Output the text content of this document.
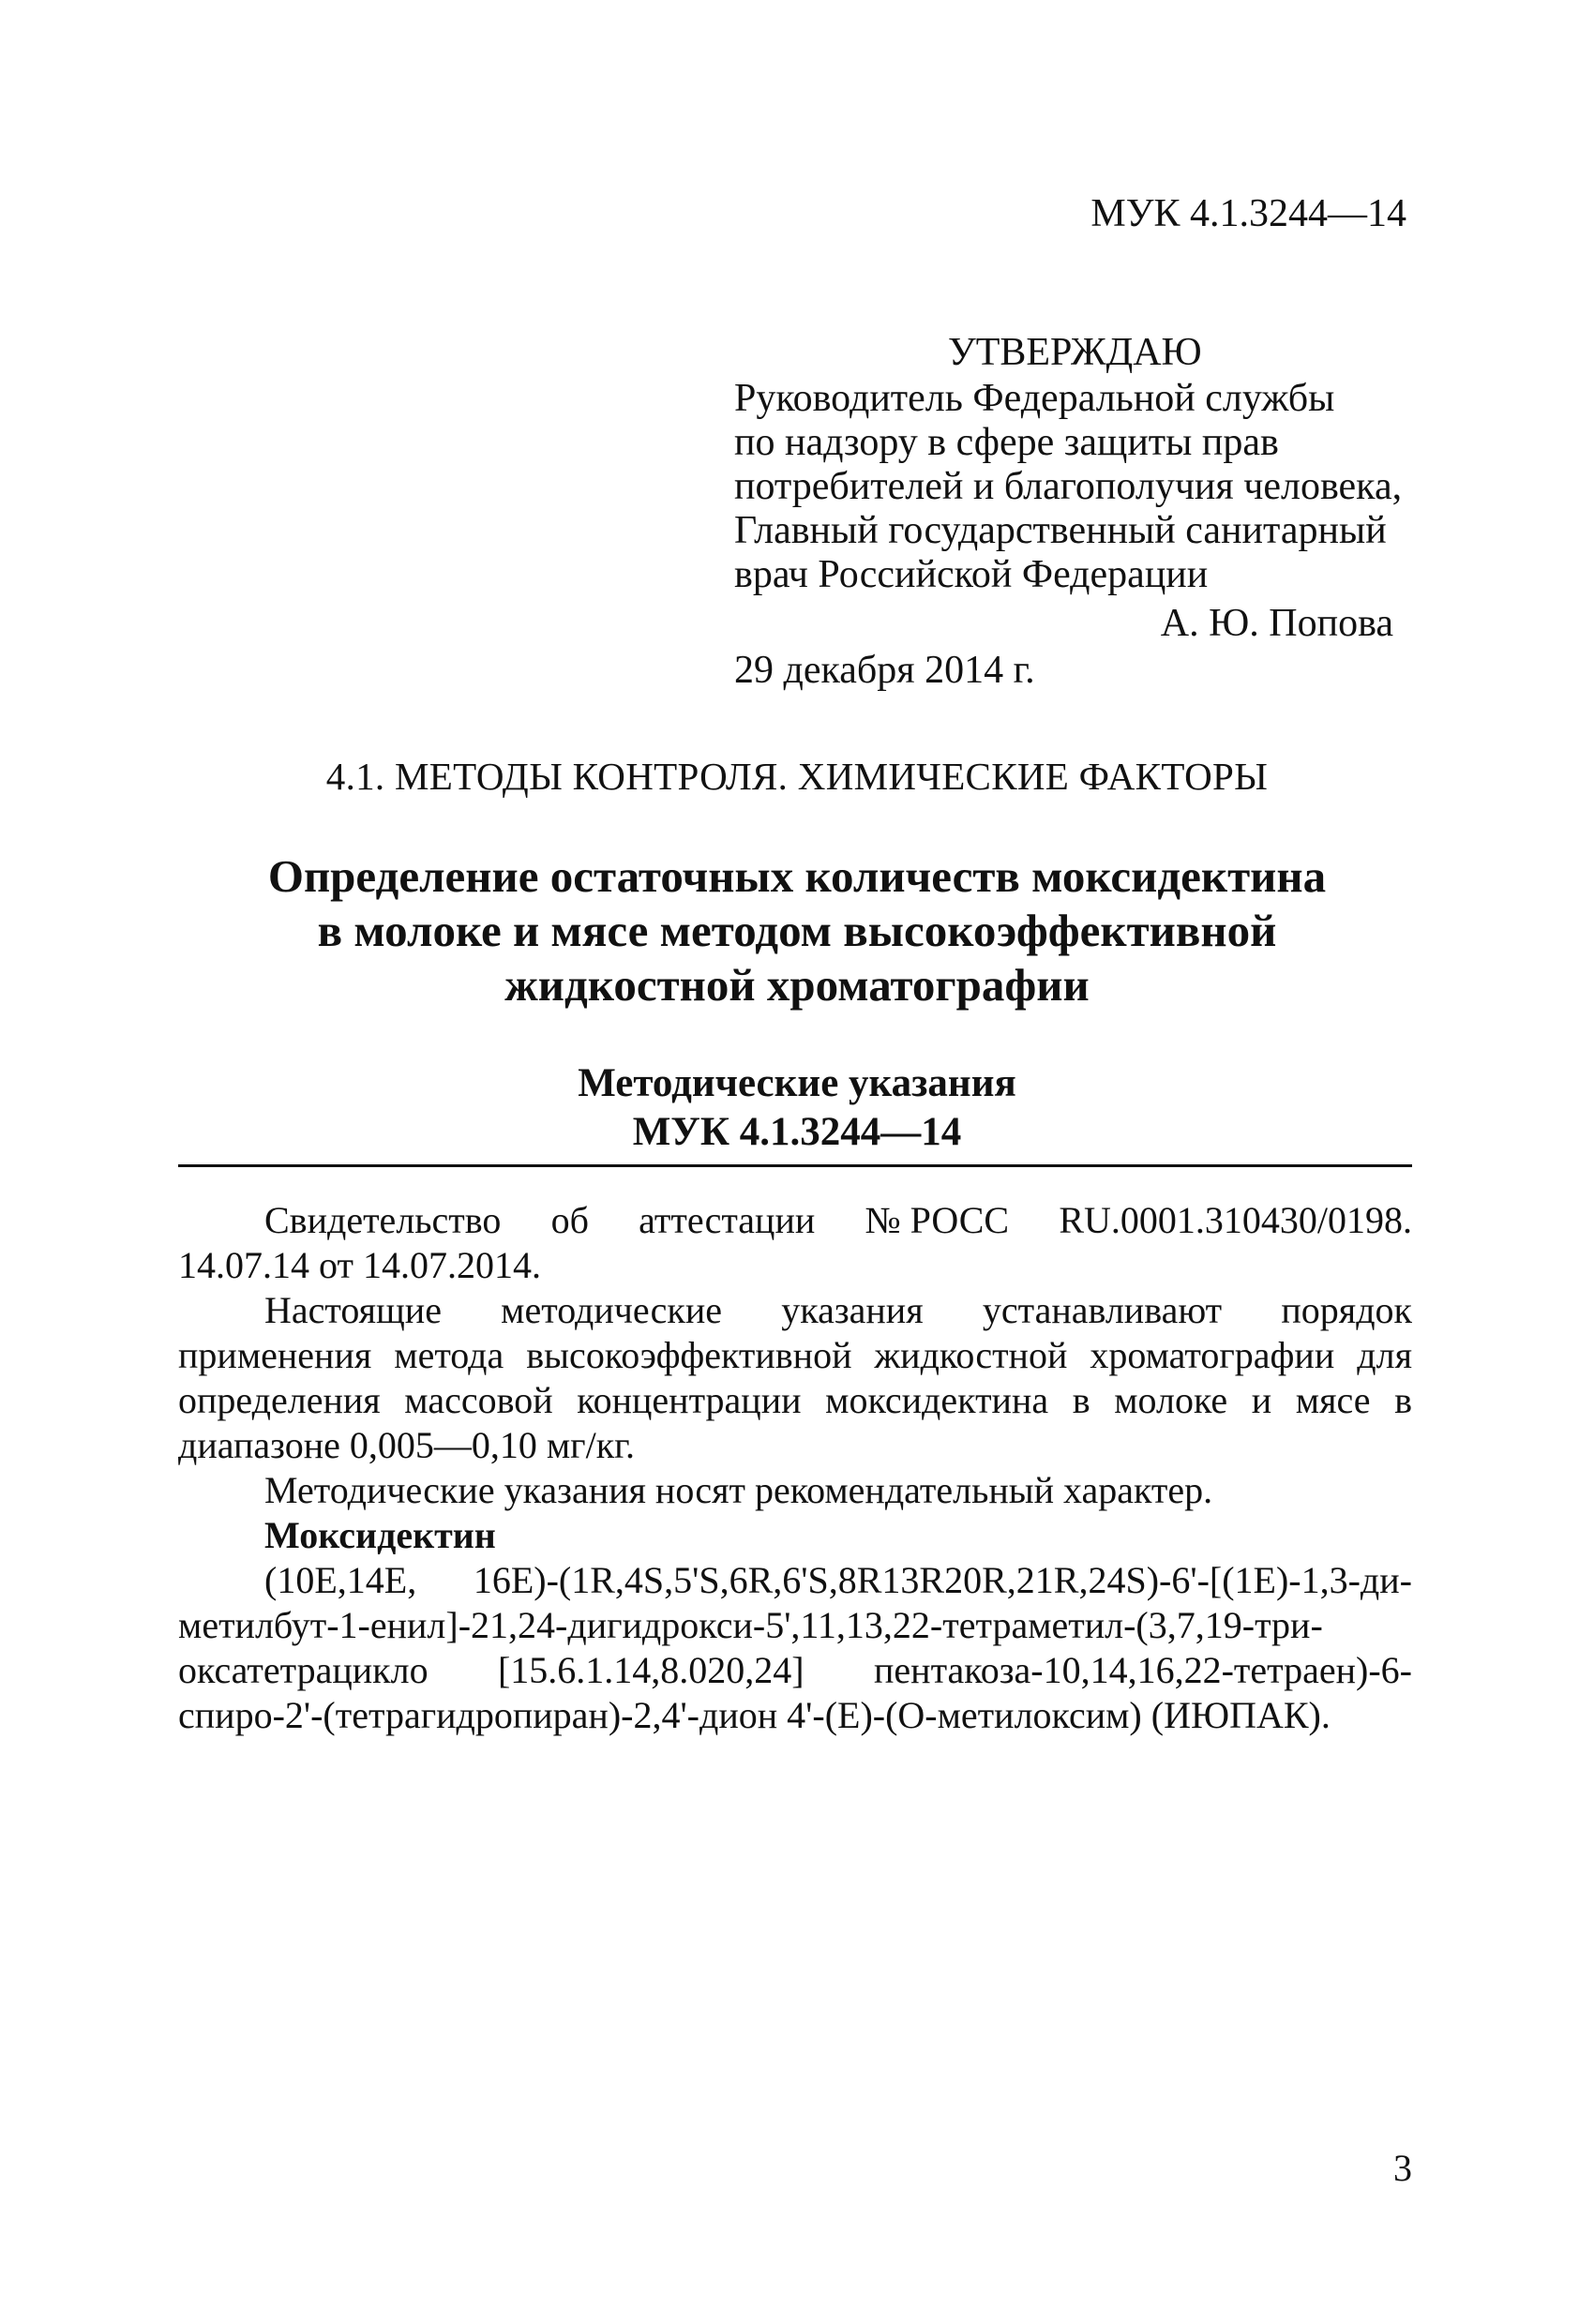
МУК 4.1.3244—14
УТВЕРЖДАЮ
Руководитель Федеральной службы
по надзору в сфере защиты прав
потребителей и благополучия человека,
Главный государственный санитарный
врач Российской Федерации
А. Ю. Попова
29 декабря 2014 г.
4.1. МЕТОДЫ КОНТРОЛЯ. ХИМИЧЕСКИЕ ФАКТОРЫ
Определение остаточных количеств моксидектина
в молоке и мясе методом высокоэффективной
жидкостной хроматографии
Методические указания
МУК 4.1.3244—14
Свидетельство об аттестации № РОСС RU.0001.310430/0198.

14.07.14 от 14.07.2014.

Настоящие методические указания устанавливают порядок применения метода высокоэффективной жидкостной хроматографии для определения массовой концентрации моксидектина в молоке и мясе в диапазоне 0,005—0,10 мг/кг.

Методические указания носят рекомендательный характер.

Моксидектин
(10Е,14Е, 16Е)-(1R,4S,5'S,6R,6'S,8R13R20R,21R,24S)-6'-[(1Е)-1,3-ди-
метилбут-1-енил]-21,24-дигидрокси-5',11,13,22-тетраметил-(3,7,19-три-
оксатетрацикло [15.6.1.14,8.020,24] пентакоза-10,14,16,22-тетраен)-6-
спиро-2'-(тетрагидропиран)-2,4'-дион 4'-(Е)-(О-метилоксим) (ИЮПАК).
3
